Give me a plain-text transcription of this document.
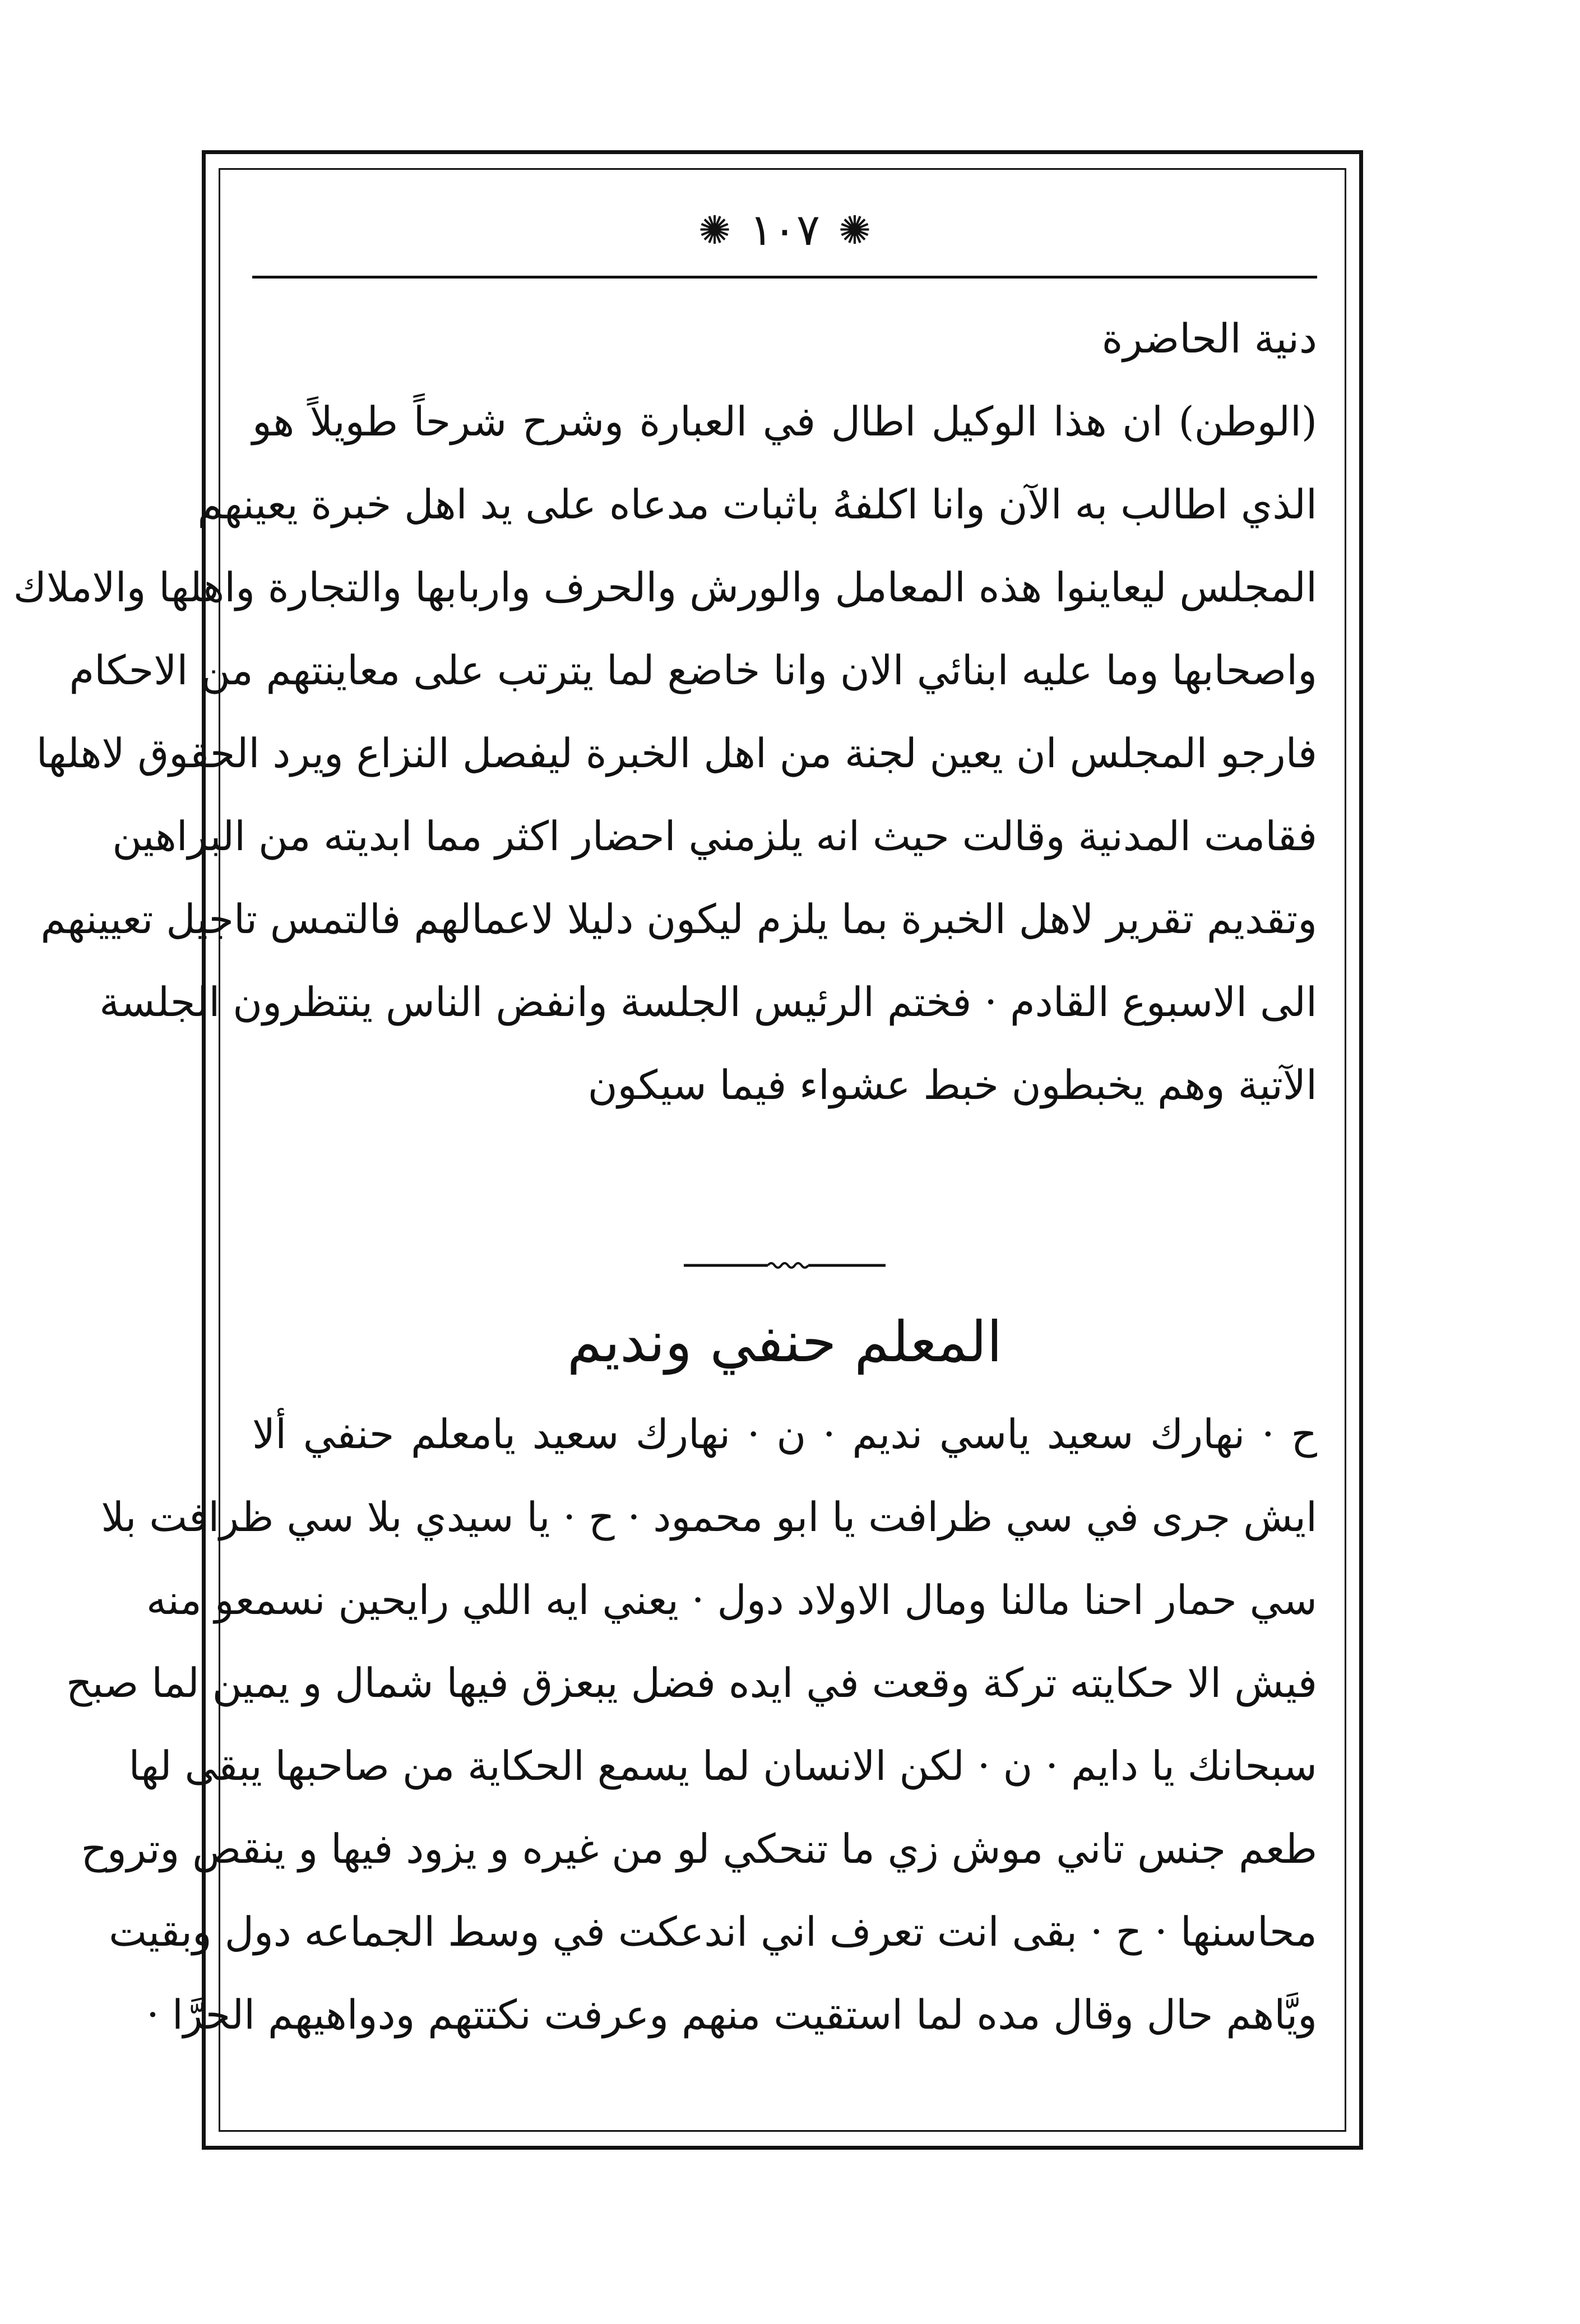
✺ ١٠٧ ✺
دنية الحاضرة
(الوطن) ان هذا الوكيل اطال في العبارة وشرح شرحاً طويلاً هو
الذي اطالب به الآن وانا اكلفهُ باثبات مدعاه على يد اهل خبرة يعينهم
المجلس ليعاينوا هذه المعامل والورش والحرف واربابها والتجارة واهلها والاملاك
واصحابها وما عليه ابنائي الان وانا خاضع لما يترتب على معاينتهم من الاحكام
فارجو المجلس ان يعين لجنة من اهل الخبرة ليفصل النزاع ويرد الحقوق لاهلها
فقامت المدنية وقالت حيث انه يلزمني احضار اكثر مما ابديته من البراهين
وتقديم تقرير لاهل الخبرة بما يلزم ليكون دليلا لاعمالهم فالتمس تاجيل تعيينهم
الى الاسبوع القادم · فختم الرئيس الجلسة وانفض الناس ينتظرون الجلسة
الآتية وهم يخبطون خبط عشواء فيما سيكون
المعلم حنفي ونديم
ح · نهارك سعيد ياسي نديم · ن · نهارك سعيد يامعلم حنفي ألا
ايش جرى في سي ظرافت يا ابو محمود · ح · يا سيدي بلا سي ظرافت بلا
سي حمار احنا مالنا ومال الاولاد دول · يعني ايه اللي رايحين نسمعو منه
فيش الا حكايته تركة وقعت في ايده فضل يبعزق فيها شمال و يمين لما صبح
سبحانك يا دايم · ن · لكن الانسان لما يسمع الحكاية من صاحبها يبقى لها
طعم جنس تاني موش زي ما تنحكي لو من غيره و يزود فيها و ينقص وتروح
محاسنها · ح · بقى انت تعرف اني اندعكت في وسط الجماعه دول وبقيت
ويَّاهم حال وقال مده لما استقيت منهم وعرفت نكتتهم ودواهيهم الحرَّا ·
